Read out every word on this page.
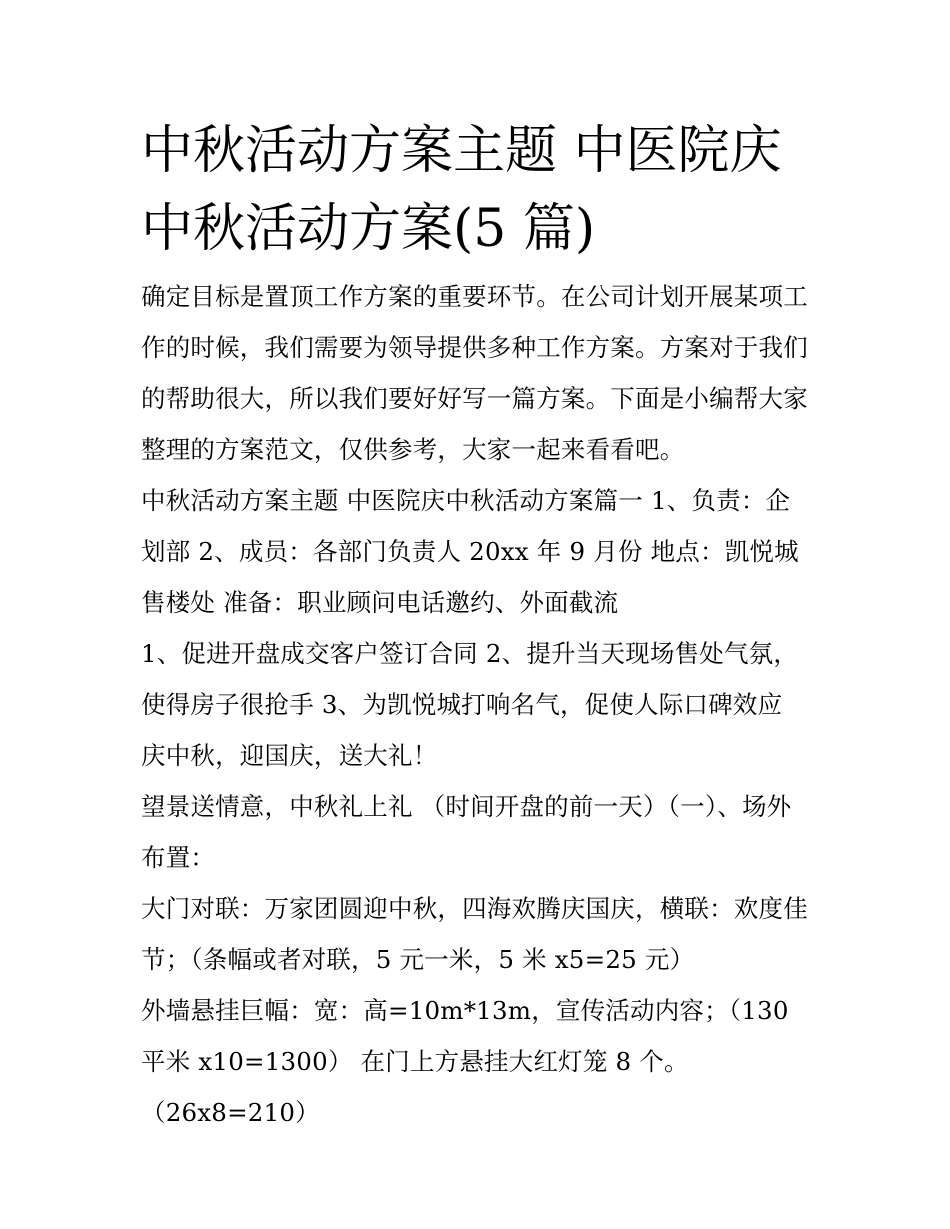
中秋活动方案主题 中医院庆中秋活动方案(5 篇)

确定目标是置顶工作方案的重要环节。在公司计划开展某项工作的时候，我们需要为领导提供多种工作方案。方案对于我们的帮助很大，所以我们要好好写一篇方案。下面是小编帮大家整理的方案范文，仅供参考，大家一起来看看吧。

中秋活动方案主题 中医院庆中秋活动方案篇一 1、负责：企划部 2、成员：各部门负责人 20xx 年 9 月份 地点：凯悦城售楼处 准备：职业顾问电话邀约、外面截流

1、促进开盘成交客户签订合同 2、提升当天现场售处气氛，使得房子很抢手 3、为凯悦城打响名气，促使人际口碑效应 庆中秋，迎国庆，送大礼！

望景送情意，中秋礼上礼 （时间开盘的前一天）（一）、场外布置：

大门对联：万家团圆迎中秋，四海欢腾庆国庆，横联：欢度佳节；（条幅或者对联，5 元一米，5 米 x5=25 元）

外墙悬挂巨幅：宽：高=10m*13m，宣传活动内容；（130 平米 x10=1300） 在门上方悬挂大红灯笼 8 个。（26x8=210）
